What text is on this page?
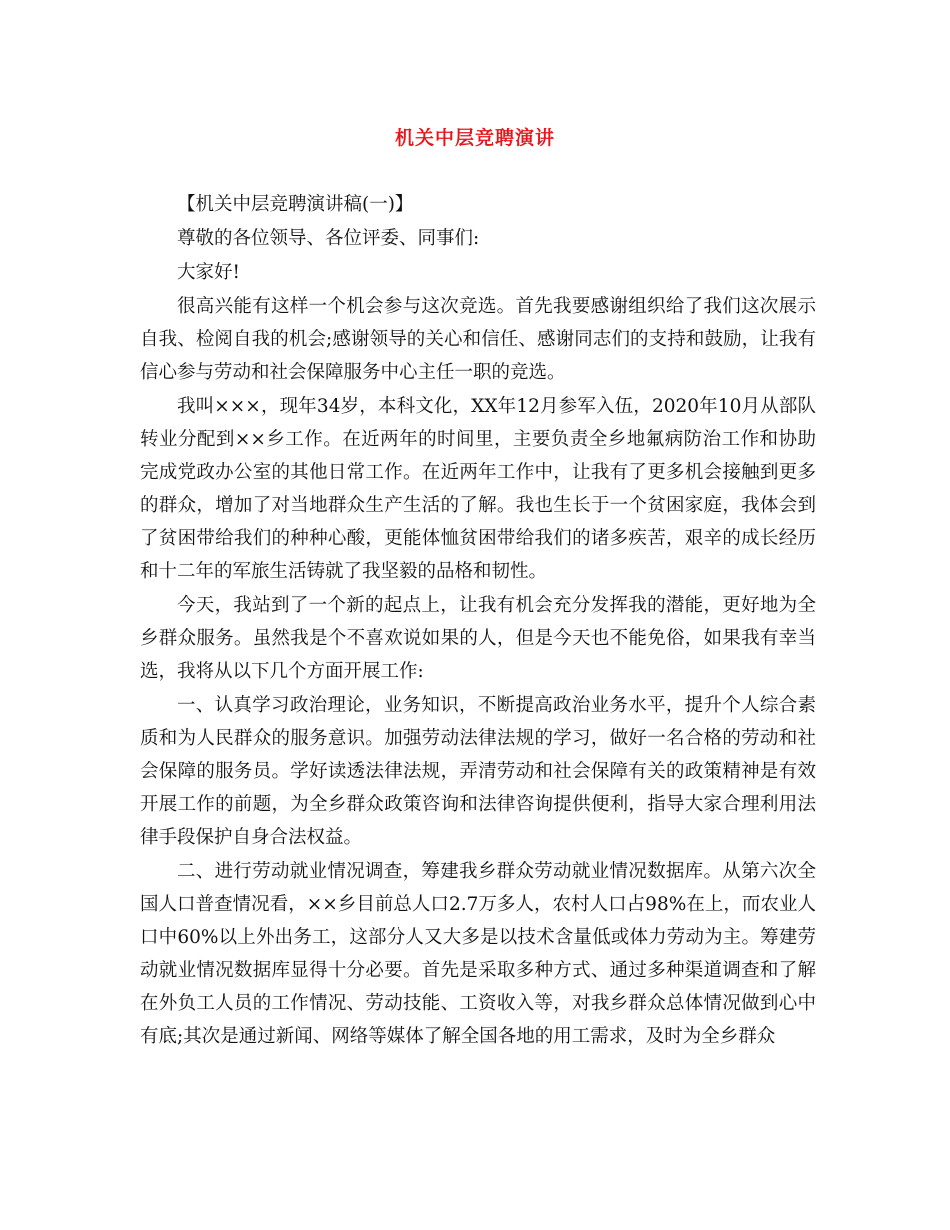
机关中层竞聘演讲

【机关中层竞聘演讲稿(一)】

尊敬的各位领导、各位评委、同事们:

大家好!

很高兴能有这样一个机会参与这次竞选。首先我要感谢组织给了我们这次展示自我、检阅自我的机会;感谢领导的关心和信任、感谢同志们的支持和鼓励，让我有信心参与劳动和社会保障服务中心主任一职的竞选。

我叫×××，现年34岁，本科文化，XX年12月参军入伍，2020年10月从部队转业分配到××乡工作。在近两年的时间里，主要负责全乡地氟病防治工作和协助完成党政办公室的其他日常工作。在近两年工作中，让我有了更多机会接触到更多的群众，增加了对当地群众生产生活的了解。我也生长于一个贫困家庭，我体会到了贫困带给我们的种种心酸，更能体恤贫困带给我们的诸多疾苦，艰辛的成长经历和十二年的军旅生活铸就了我坚毅的品格和韧性。

今天，我站到了一个新的起点上，让我有机会充分发挥我的潜能，更好地为全乡群众服务。虽然我是个不喜欢说如果的人，但是今天也不能免俗，如果我有幸当选，我将从以下几个方面开展工作:

一、认真学习政治理论，业务知识，不断提高政治业务水平，提升个人综合素质和为人民群众的服务意识。加强劳动法律法规的学习，做好一名合格的劳动和社会保障的服务员。学好读透法律法规，弄清劳动和社会保障有关的政策精神是有效开展工作的前题，为全乡群众政策咨询和法律咨询提供便利，指导大家合理利用法律手段保护自身合法权益。

二、进行劳动就业情况调查，筹建我乡群众劳动就业情况数据库。从第六次全国人口普查情况看，××乡目前总人口2.7万多人，农村人口占98%在上，而农业人口中60%以上外出务工，这部分人又大多是以技术含量低或体力劳动为主。筹建劳动就业情况数据库显得十分必要。首先是采取多种方式、通过多种渠道调查和了解在外负工人员的工作情况、劳动技能、工资收入等，对我乡群众总体情况做到心中有底;其次是通过新闻、网络等媒体了解全国各地的用工需求，及时为全乡群众
